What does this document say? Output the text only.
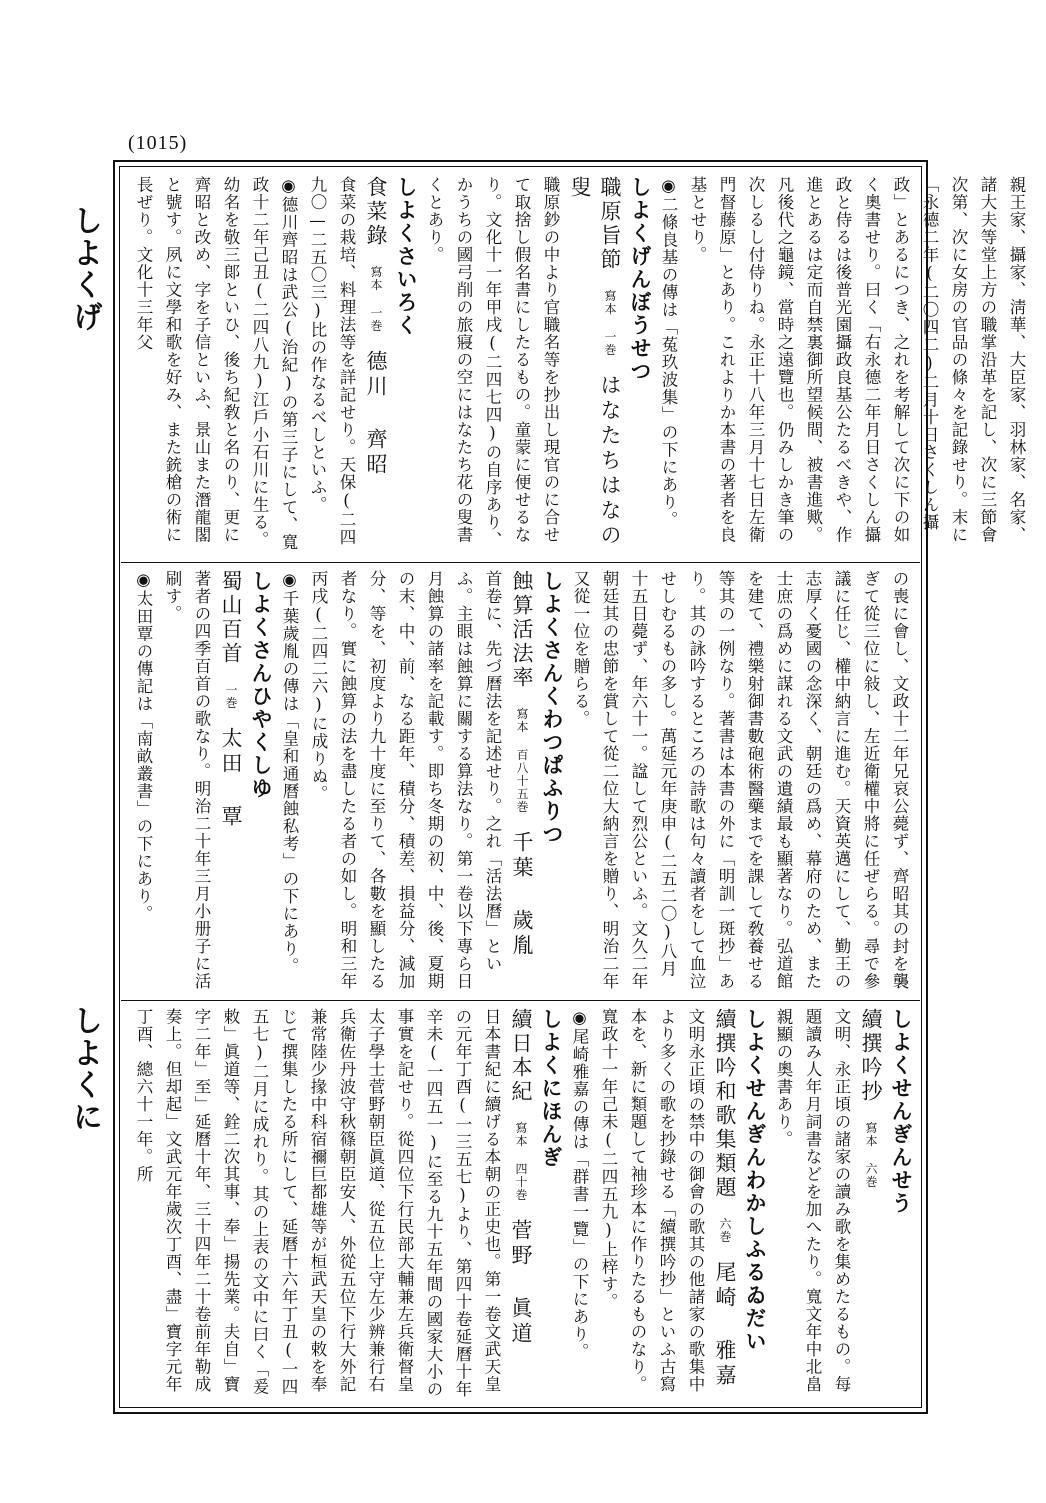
(1015)
しよくげ
しよくに

親王家、攝家、淸華、大臣家、羽林家、名家、諸大夫等堂上方の職掌沿革を記し、次に三節會次第、次に女房の官品の條々を記錄せり。末に「永德二年(二〇四二)二月十日さくしん攝政」とあるにつき、之れを考解して次に下の如く奧書せり。曰く「右永德二年月日さくしん攝政と侍るは後普光園攝政良基公たるべきや、作進とあるは定而自禁裏御所望候間、被書進歟。凡後代之龜鏡、當時之遠覽也。仍みしかき筆の次しるし付侍りね。永正十八年三月十七日左衛門督藤原」とあり。これよりか本書の著者を良基とせり。

◉二條良基の傳は「菟玖波集」の下にあり。

しよくげんぼうせつ

職原旨節　寫本 一巻　はなたちはなの叟

職原鈔の中より官職名等を抄出し現官のに合せて取捨し假名書にしたるもの。童蒙に便せるなり。文化十一年甲戌(二四七四)の自序あり、かうちの國弓削の旅寢の空にはなたち花の叟書くとあり。

しよくさいろく

食菜錄　寫本 一巻　德川 齊昭

食菜の栽培、料理法等を詳記せり。天保(二四九〇—二五〇三)比の作なるべしといふ。

◉德川齊昭は武公(治紀)の第三子にして、寬政十二年己丑(二四八九)江戶小石川に生る。幼名を敬三郞といひ、後ち紀敎と名のり、更に齊昭と改め、字を子信といふ、景山また潛龍閣と號す。夙に文學和歌を好み、また銃槍の術に長ぜり。文化十三年父

の喪に會し、文政十二年兄哀公薨ず、齊昭其の封を襲ぎて從三位に敍し、左近衛權中將に任ぜらる。尋で參議に任じ、權中納言に進む。天資英邁にして、勤王の志厚く憂國の念深く、朝廷の爲め、幕府のため、また士庶の爲めに謀れる文武の遺績最も顯著なり。弘道館を建て、禮樂射御書數砲術醫藥までを課して敎養せる等其の一例なり。著書は本書の外に「明訓一斑抄」あり。其の詠吟するところの詩歌は句々讀者をして血泣せしむるもの多し。萬延元年庚申(二五二〇)八月十五日薨ず、年六十一。諡して烈公といふ。文久二年朝廷其の忠節を賞して從二位大納言を贈り、明治二年又從一位を贈らる。

しよくさんくわつぱふりつ

蝕算活法率　寫本 百八十五巻　千葉 歲胤

首卷に、先づ曆法を記述せり。之れ「活法曆」といふ。主眼は蝕算に關する算法なり。第一卷以下專ら日月蝕算の諸率を記載す。即ち冬期の初、中、後、夏期の末、中、前、なる距年、積分、積差、損益分、減加分、等を、初度より九十度に至りて、各數を顯したる者なり。實に蝕算の法を盡したる者の如し。明和三年丙戌(二四二六)に成りぬ。

◉千葉歲胤の傳は「皇和通曆蝕私考」の下にあり。

しよくさんひやくしゆ

蜀山百首　一巻　太田 覃

著者の四季百首の歌なり。明治二十年三月小册子に活刷す。

◉太田覃の傳記は「南畝叢書」の下にあり。

しよくせんぎんせう

續撰吟抄　寫本 六巻

文明、永正頃の諸家の讀み歌を集めたるもの。每題讀み人年月詞書などを加へたり。寬文年中北畠親顯の奧書あり。

しよくせんぎんわかしふるゐだい

續撰吟和歌集類題　六巻　尾崎 雅嘉

文明永正頃の禁中の御會の歌其の他諸家の歌集中より多くの歌を抄錄せる「續撰吟抄」といふ古寫本を、新に類題して袖珍本に作りたるものなり。寬政十一年己未(二四五九)上梓す。

◉尾崎雅嘉の傳は「群書一覽」の下にあり。

しよくにほんぎ

續日本紀　寫本 四十巻　菅野 眞道

日本書紀に續げる本朝の正史也。第一卷文武天皇の元年丁酉(一三五七)より、第四十卷延曆十年辛未(一四五一)に至る九十五年間の國家大小の事實を記せり。從四位下行民部大輔兼左兵衛督皇太子學士菅野朝臣眞道、從五位上守左少辨兼行右兵衛佐丹波守秋篠朝臣安人、外從五位下行大外記兼常陸少掾中科宿禰巨都雄等が桓武天皇の敕を奉じて撰集したる所にして、延曆十六年丁丑(一四五七)二月に成れり。其の上表の文中に曰く「爰敕」眞道等、銓二次其事、奉」揚先業。夫自」寶字二年」至」延曆十年、三十四年二十卷前年勒成奏上。但却起」文武元年歲次丁酉、盡」寶字元年丁酉、總六十一年。所
